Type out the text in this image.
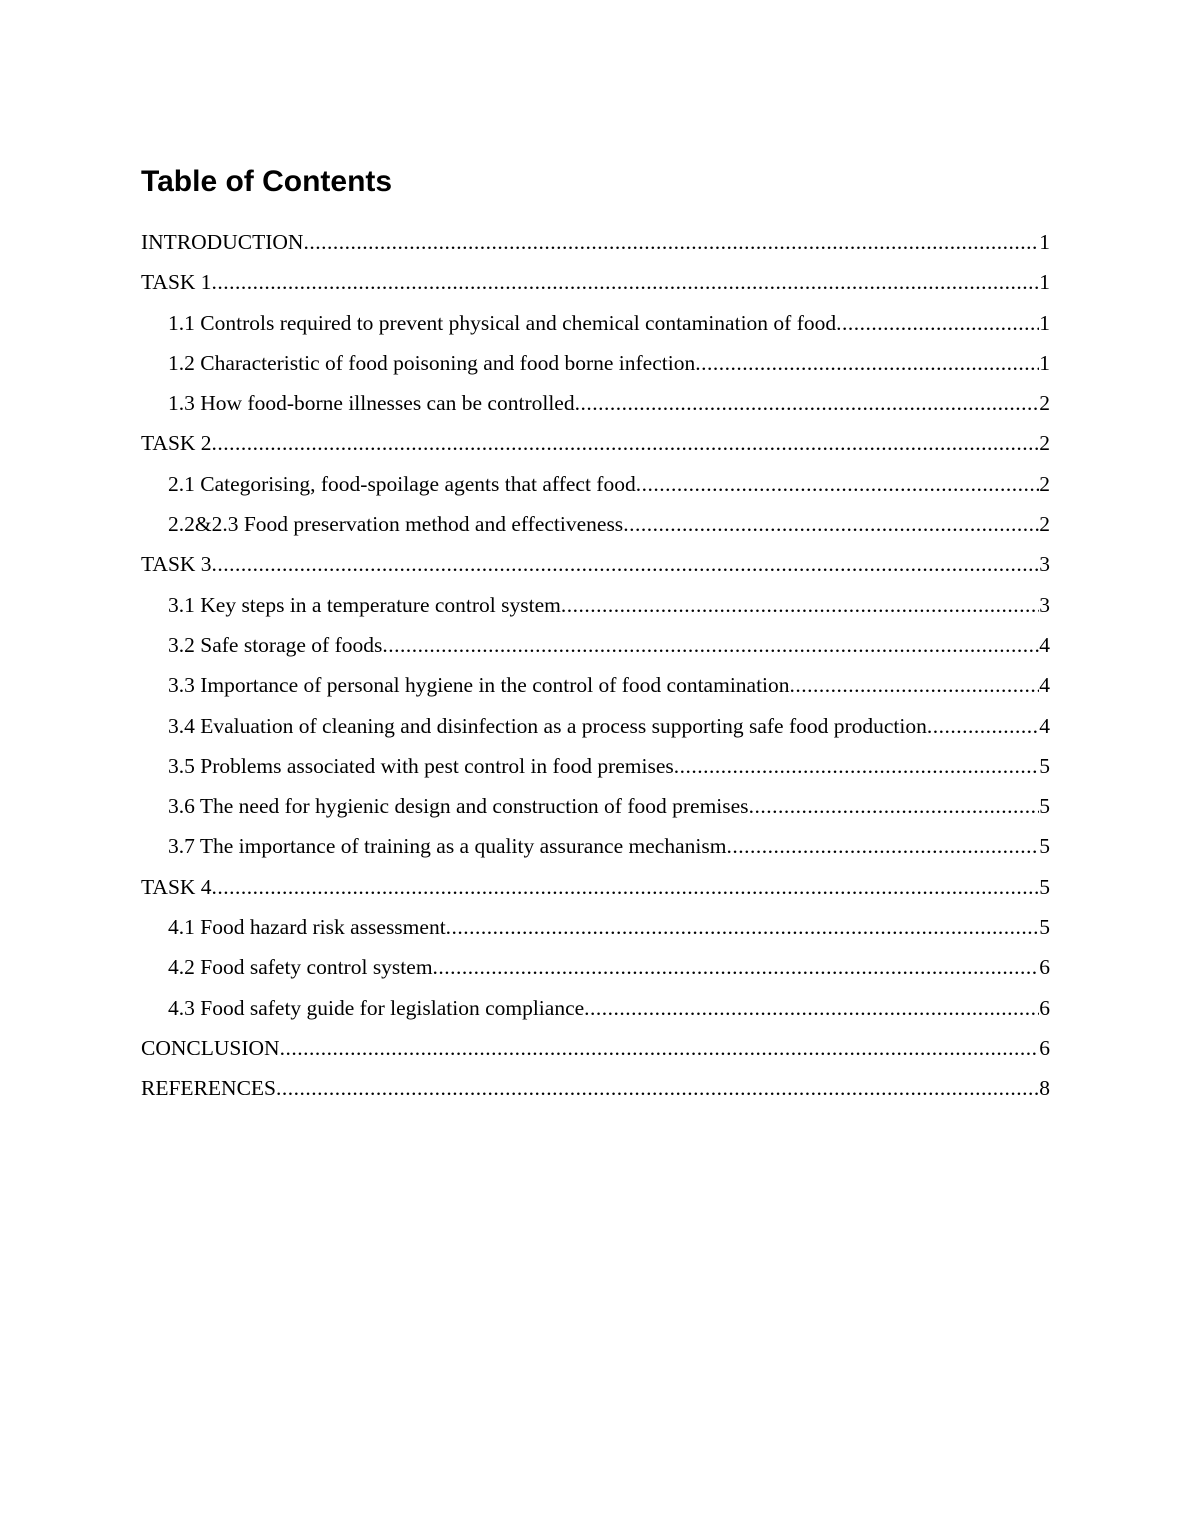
Table of Contents
INTRODUCTION .....	1
TASK 1 .....	1
1.1 Controls required to prevent physical and chemical contamination of food .....	1
1.2 Characteristic of food poisoning and food borne infection .....	1
1.3 How food-borne illnesses can be controlled .....	2
TASK 2 .....	2
2.1 Categorising, food-spoilage agents that affect food .....	2
2.2&2.3 Food preservation method and effectiveness .....	2
TASK 3 .....	3
3.1 Key steps in a temperature control system .....	3
3.2 Safe storage of foods .....	4
3.3 Importance of personal hygiene in the control of food contamination .....	4
3.4 Evaluation of cleaning and disinfection as a process supporting safe food production .....	4
3.5 Problems associated with pest control in food premises .....	5
3.6 The need for hygienic design and construction of food premises .....	5
3.7 The importance of training as a quality assurance mechanism .....	5
TASK 4 .....	5
4.1 Food hazard risk assessment .....	5
4.2 Food safety control system .....	6
4.3 Food safety guide for legislation compliance .....	6
CONCLUSION .....	6
REFERENCES .....	8
